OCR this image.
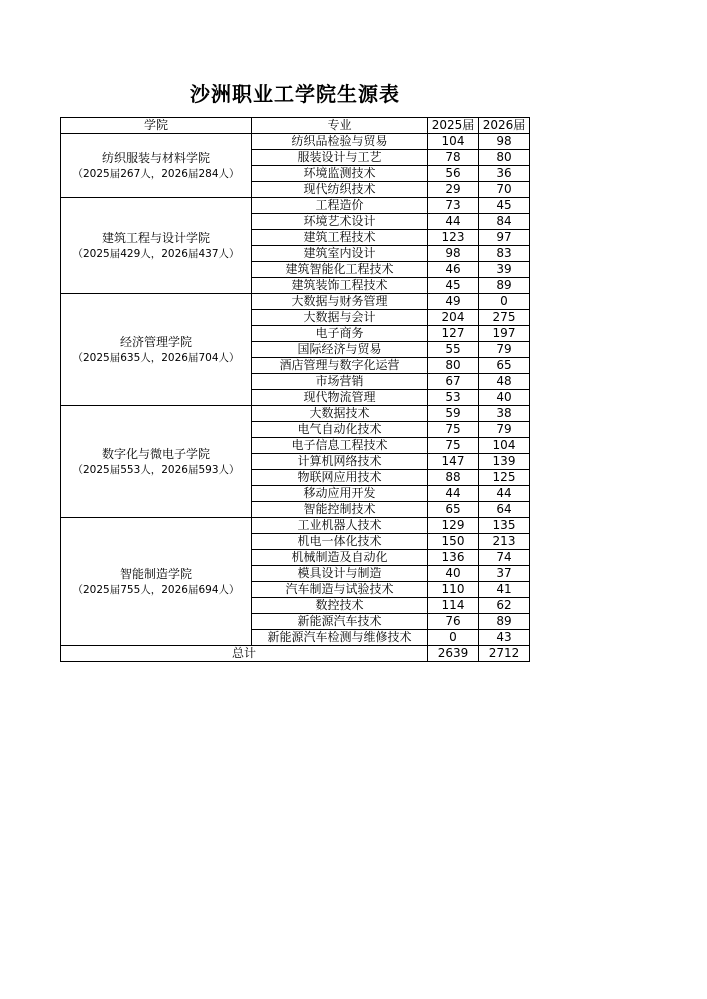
沙洲职业工学院生源表
学院	专业	2025届	2026届

纺织服装与材料学院
（2025届267人，2026届284人）	纺织品检验与贸易	104	98
	服装设计与工艺	78	80
	环境监测技术	56	36
	现代纺织技术	29	70

建筑工程与设计学院
（2025届429人，2026届437人）	工程造价	73	45
	环境艺术设计	44	84
	建筑工程技术	123	97
	建筑室内设计	98	83
	建筑智能化工程技术	46	39
	建筑装饰工程技术	45	89

经济管理学院
（2025届635人，2026届704人）	大数据与财务管理	49	0
	大数据与会计	204	275
	电子商务	127	197
	国际经济与贸易	55	79
	酒店管理与数字化运营	80	65
	市场营销	67	48
	现代物流管理	53	40

数字化与微电子学院
（2025届553人，2026届593人）	大数据技术	59	38
	电气自动化技术	75	79
	电子信息工程技术	75	104
	计算机网络技术	147	139
	物联网应用技术	88	125
	移动应用开发	44	44
	智能控制技术	65	64

智能制造学院
（2025届755人，2026届694人）	工业机器人技术	129	135
	机电一体化技术	150	213
	机械制造及自动化	136	74
	模具设计与制造	40	37
	汽车制造与试验技术	110	41
	数控技术	114	62
	新能源汽车技术	76	89
	新能源汽车检测与维修技术	0	43
总计		2639	2712
